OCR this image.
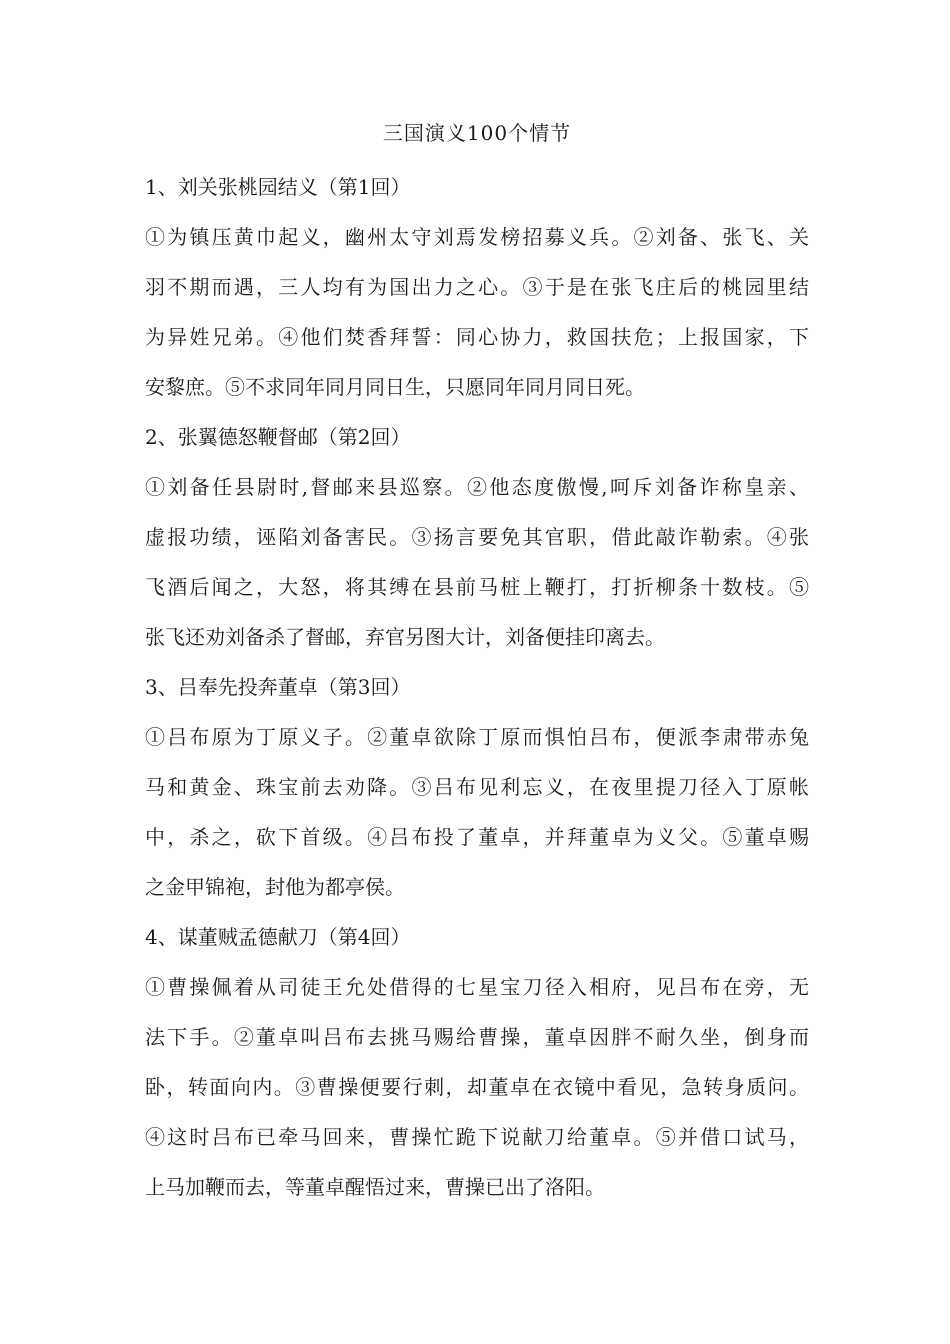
三国演义100个情节
1、刘关张桃园结义（第1回）
①为镇压黄巾起义，幽州太守刘焉发榜招募义兵。②刘备、张飞、关
羽不期而遇，三人均有为国出力之心。③于是在张飞庄后的桃园里结
为异姓兄弟。④他们焚香拜誓：同心协力，救国扶危；上报国家，下
安黎庶。⑤不求同年同月同日生，只愿同年同月同日死。
2、张翼德怒鞭督邮（第2回）
①刘备任县尉时,督邮来县巡察。②他态度傲慢,呵斥刘备诈称皇亲、
虚报功绩，诬陷刘备害民。③扬言要免其官职，借此敲诈勒索。④张
飞酒后闻之，大怒，将其缚在县前马桩上鞭打，打折柳条十数枝。⑤
张飞还劝刘备杀了督邮，弃官另图大计，刘备便挂印离去。
3、吕奉先投奔董卓（第3回）
①吕布原为丁原义子。②董卓欲除丁原而惧怕吕布，便派李肃带赤兔
马和黄金、珠宝前去劝降。③吕布见利忘义，在夜里提刀径入丁原帐
中，杀之，砍下首级。④吕布投了董卓，并拜董卓为义父。⑤董卓赐
之金甲锦袍，封他为都亭侯。
4、谋董贼孟德献刀（第4回）
①曹操佩着从司徒王允处借得的七星宝刀径入相府，见吕布在旁，无
法下手。②董卓叫吕布去挑马赐给曹操，董卓因胖不耐久坐，倒身而
卧，转面向内。③曹操便要行刺，却董卓在衣镜中看见，急转身质问。
④这时吕布已牵马回来，曹操忙跪下说献刀给董卓。⑤并借口试马，
上马加鞭而去，等董卓醒悟过来，曹操已出了洛阳。
